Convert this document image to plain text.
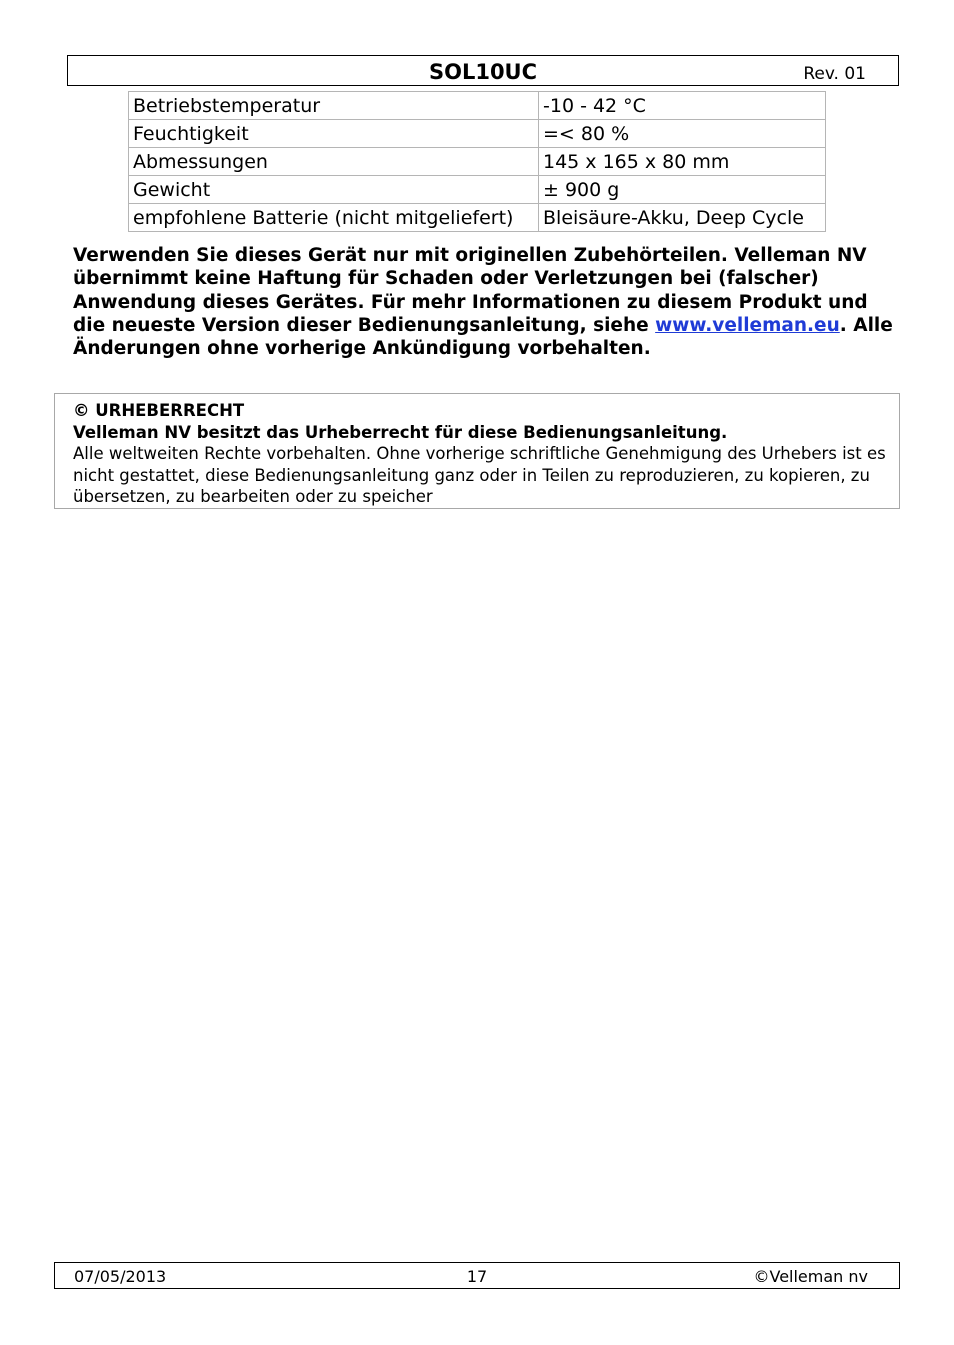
SOL10UC	Rev. 01
Betriebstemperatur	-10 - 42 °C
Feuchtigkeit	=< 80 %
Abmessungen	145 x 165 x 80 mm
Gewicht	± 900 g
empfohlene Batterie (nicht mitgeliefert)	Bleisäure-Akku, Deep Cycle
Verwenden Sie dieses Gerät nur mit originellen Zubehörteilen. Velleman NV übernimmt keine Haftung für Schaden oder Verletzungen bei (falscher) Anwendung dieses Gerätes. Für mehr Informationen zu diesem Produkt und die neueste Version dieser Bedienungsanleitung, siehe www.velleman.eu. Alle Änderungen ohne vorherige Ankündigung vorbehalten.
© URHEBERRECHT
Velleman NV besitzt das Urheberrecht für diese Bedienungsanleitung.
Alle weltweiten Rechte vorbehalten. Ohne vorherige schriftliche Genehmigung des Urhebers ist es nicht gestattet, diese Bedienungsanleitung ganz oder in Teilen zu reproduzieren, zu kopieren, zu übersetzen, zu bearbeiten oder zu speicher
07/05/2013	17	©Velleman nv
